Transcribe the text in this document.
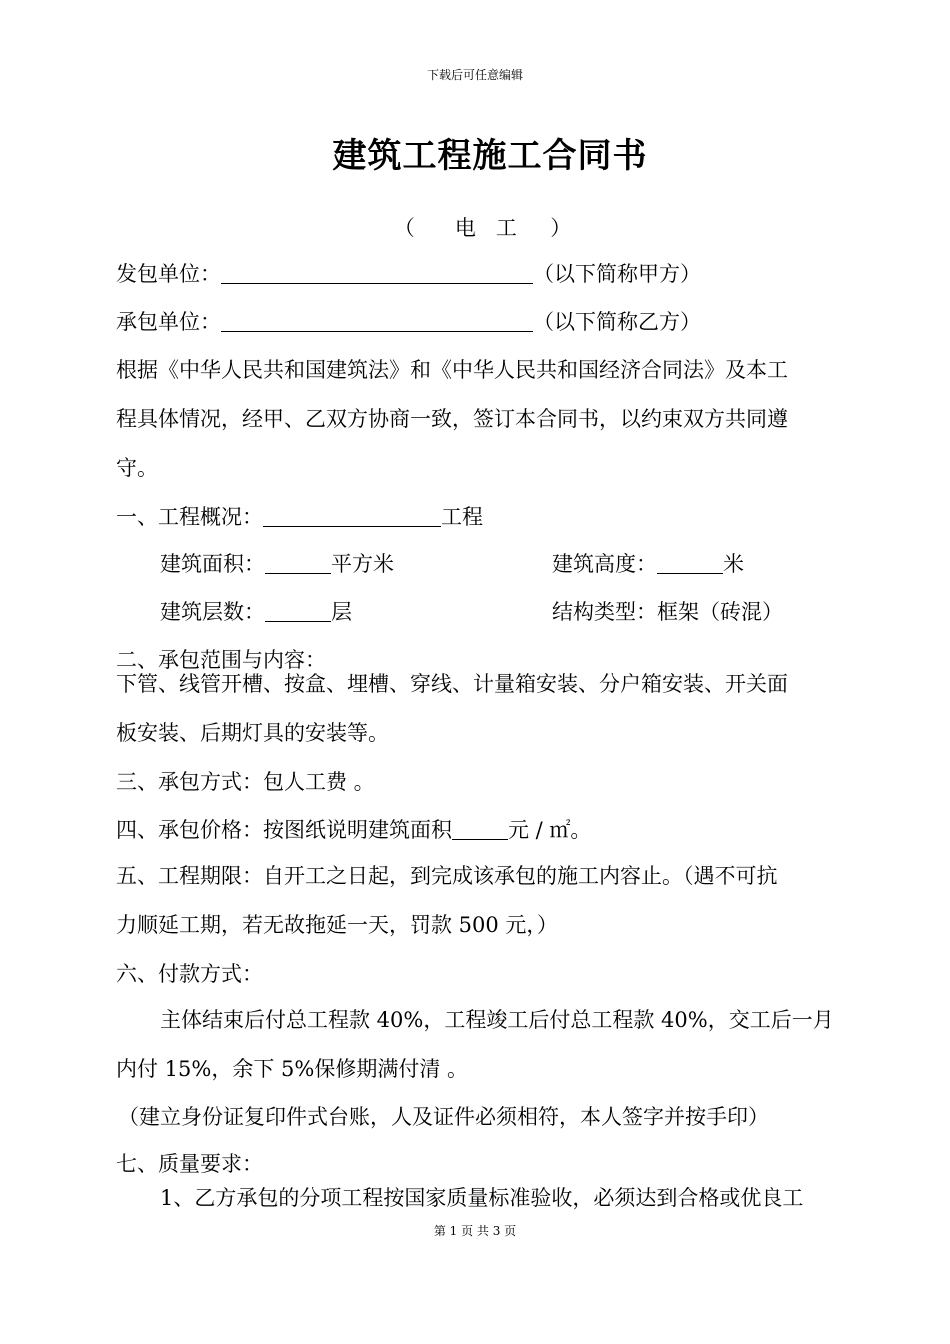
下载后可任意编辑
建筑工程施工合同书
（      电   工     ）
发包单位：	（以下简称甲方）
承包单位：	（以下简称乙方）
根据《中华人民共和国建筑法》和《中华人民共和国经济合同法》及本工
程具体情况，经甲、乙双方协商一致，签订本合同书，以约束双方共同遵
守。
一、工程概况：	工程
建筑面积：	平方米	建筑高度：	米
建筑层数：	层	结构类型：框架（砖混）
二、承包范围与内容：
下管、线管开槽、按盒、埋槽、穿线、计量箱安装、分户箱安装、开关面
板安装、后期灯具的安装等。
三、承包方式：包人工费 。
四、承包价格：按图纸说明建筑面积	元 / ㎡。
五、工程期限：自开工之日起，到完成该承包的施工内容止。（遇不可抗
力顺延工期，若无故拖延一天，罚款 500 元，）
六、付款方式：
主体结束后付总工程款 40%，工程竣工后付总工程款 40%，交工后一月
内付 15%，余下 5%保修期满付清 。
（建立身份证复印件式台账，人及证件必须相符，本人签字并按手印）
七、质量要求：
1、乙方承包的分项工程按国家质量标准验收，必须达到合格或优良工
第 1 页 共 3 页
